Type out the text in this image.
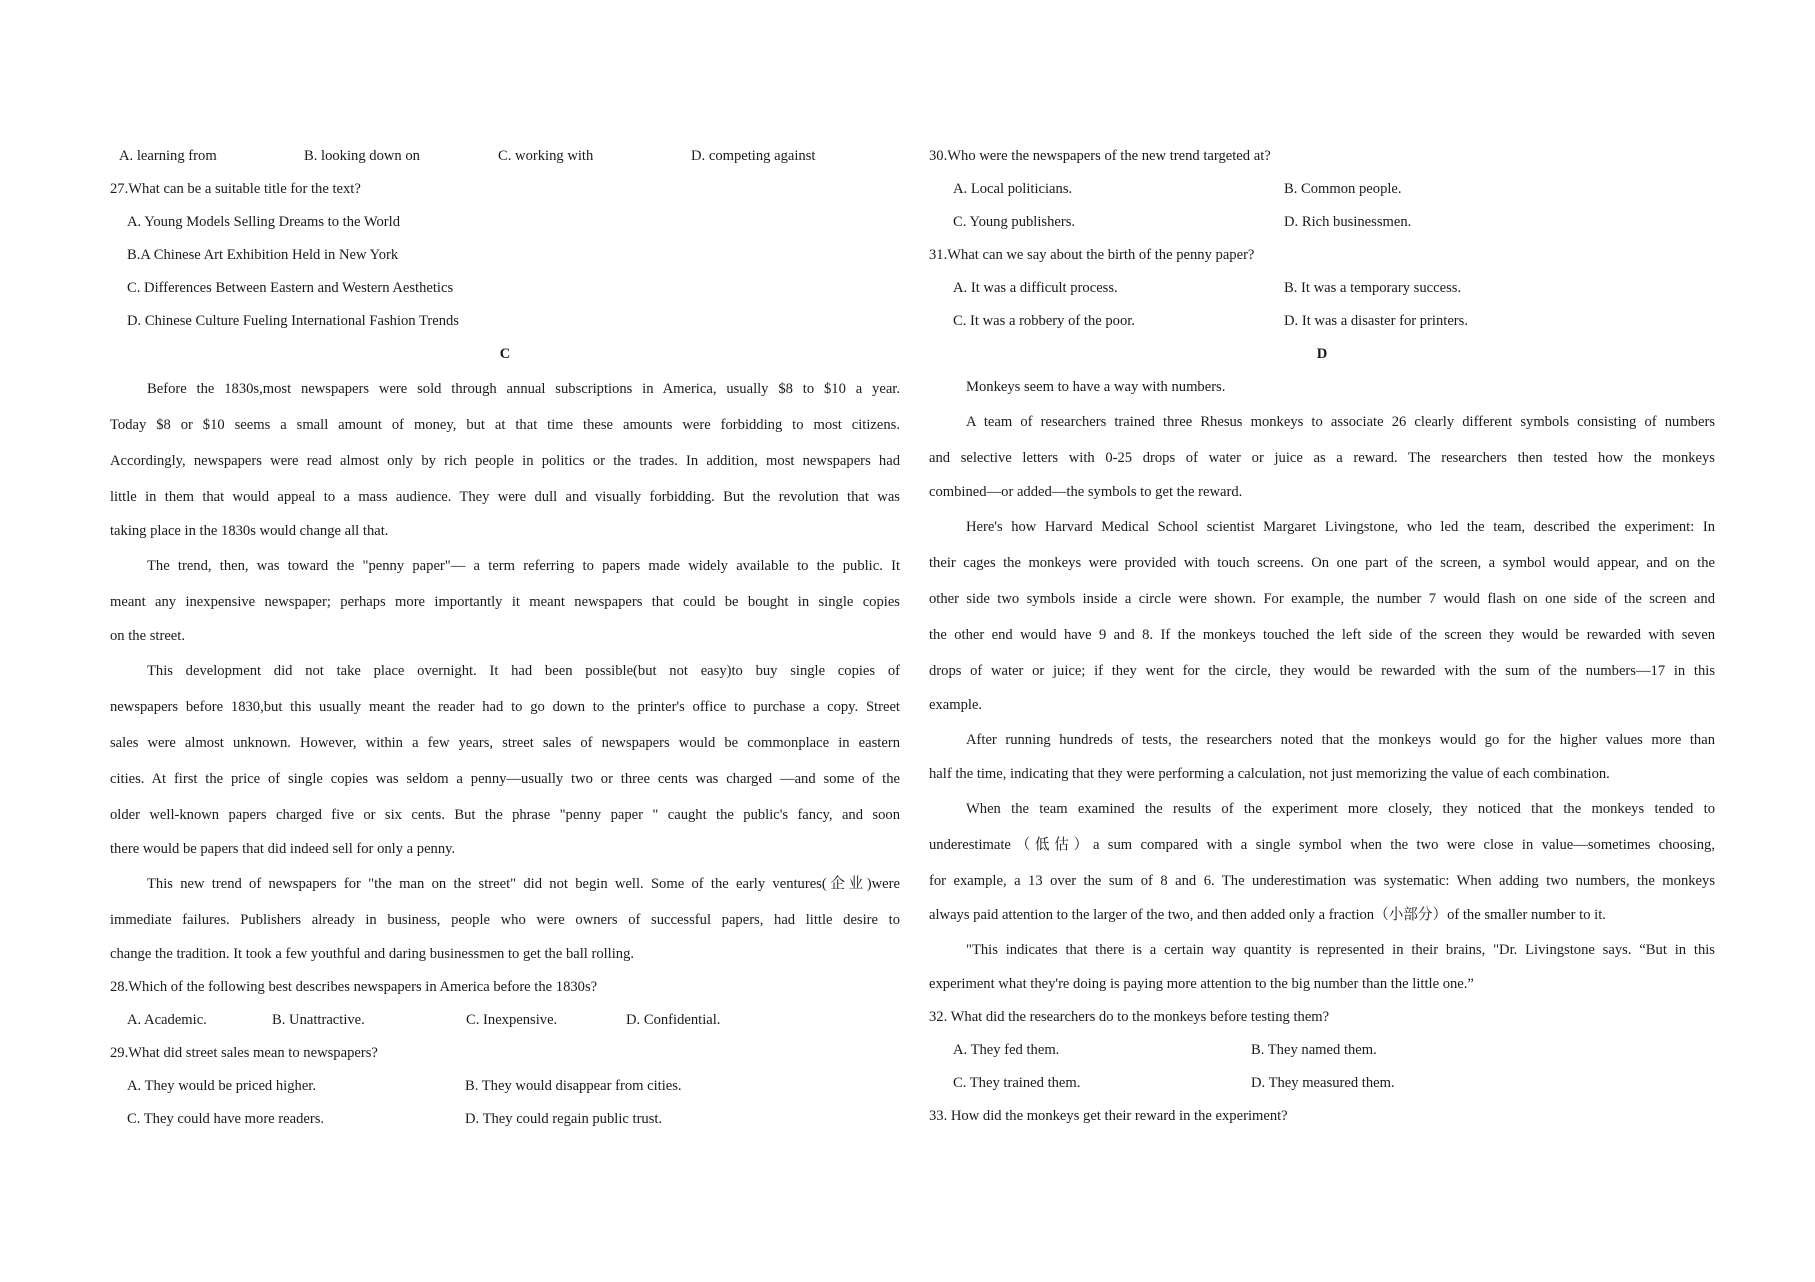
A. learning from	B. looking down on	C. working with	D. competing against
27.What can be a suitable title for the text?
A. Young Models Selling Dreams to the World
B.A Chinese Art Exhibition Held in New York
C. Differences Between Eastern and Western Aesthetics
D. Chinese Culture Fueling International Fashion Trends
C
Before the 1830s,most newspapers were sold through annual subscriptions in America, usually $8 to $10 a year.
Today $8 or $10 seems a small amount of money, but at that time these amounts were forbidding to most citizens.
Accordingly, newspapers were read almost only by rich people in politics or the trades. In addition, most newspapers had
little in them that would appeal to a mass audience. They were dull and visually forbidding. But the revolution that was
taking place in the 1830s would change all that.
The trend, then, was toward the "penny paper"— a term referring to papers made widely available to the public. It
meant any inexpensive newspaper; perhaps more importantly it meant newspapers that could be bought in single copies
on the street.
This development did not take place overnight. It had been possible(but not easy)to buy single copies of
newspapers before 1830,but this usually meant the reader had to go down to the printer's office to purchase a copy. Street
sales were almost unknown. However, within a few years, street sales of newspapers would be commonplace in eastern
cities. At first the price of single copies was seldom a penny—usually two or three cents was charged —and some of the
older well-known papers charged five or six cents. But the phrase "penny paper " caught the public's fancy, and soon
there would be papers that did indeed sell for only a penny.
This new trend of newspapers for "the man on the street" did not begin well. Some of the early ventures(企业)were
immediate failures. Publishers already in business, people who were owners of successful papers, had little desire to
change the tradition. It took a few youthful and daring businessmen to get the ball rolling.
28.Which of the following best describes newspapers in America before the 1830s?
A. Academic.	B. Unattractive.	C. Inexpensive.	D. Confidential.
29.What did street sales mean to newspapers?
A. They would be priced higher.	B. They would disappear from cities.
C. They could have more readers.	D. They could regain public trust.
30.Who were the newspapers of the new trend targeted at?
A. Local politicians.	B. Common people.
C. Young publishers.	D. Rich businessmen.
31.What can we say about the birth of the penny paper?
A. It was a difficult process.	B. It was a temporary success.
C. It was a robbery of the poor.	D. It was a disaster for printers.
D
Monkeys seem to have a way with numbers.
A team of researchers trained three Rhesus monkeys to associate 26 clearly different symbols consisting of numbers
and selective letters with 0-25 drops of water or juice as a reward. The researchers then tested how the monkeys
combined—or added—the symbols to get the reward.
Here's how Harvard Medical School scientist Margaret Livingstone, who led the team, described the experiment: In
their cages the monkeys were provided with touch screens. On one part of the screen, a symbol would appear, and on the
other side two symbols inside a circle were shown. For example, the number 7 would flash on one side of the screen and
the other end would have 9 and 8. If the monkeys touched the left side of the screen they would be rewarded with seven
drops of water or juice; if they went for the circle, they would be rewarded with the sum of the numbers—17 in this
example.
After running hundreds of tests, the researchers noted that the monkeys would go for the higher values more than
half the time, indicating that they were performing a calculation, not just memorizing the value of each combination.
When the team examined the results of the experiment more closely, they noticed that the monkeys tended to
underestimate（低估）a sum compared with a single symbol when the two were close in value—sometimes choosing,
for example, a 13 over the sum of 8 and 6. The underestimation was systematic: When adding two numbers, the monkeys
always paid attention to the larger of the two, and then added only a fraction（小部分）of the smaller number to it.
"This indicates that there is a certain way quantity is represented in their brains, "Dr. Livingstone says. “But in this
experiment what they're doing is paying more attention to the big number than the little one.”
32. What did the researchers do to the monkeys before testing them?
A. They fed them.	B. They named them.
C. They trained them.	D. They measured them.
33. How did the monkeys get their reward in the experiment?
